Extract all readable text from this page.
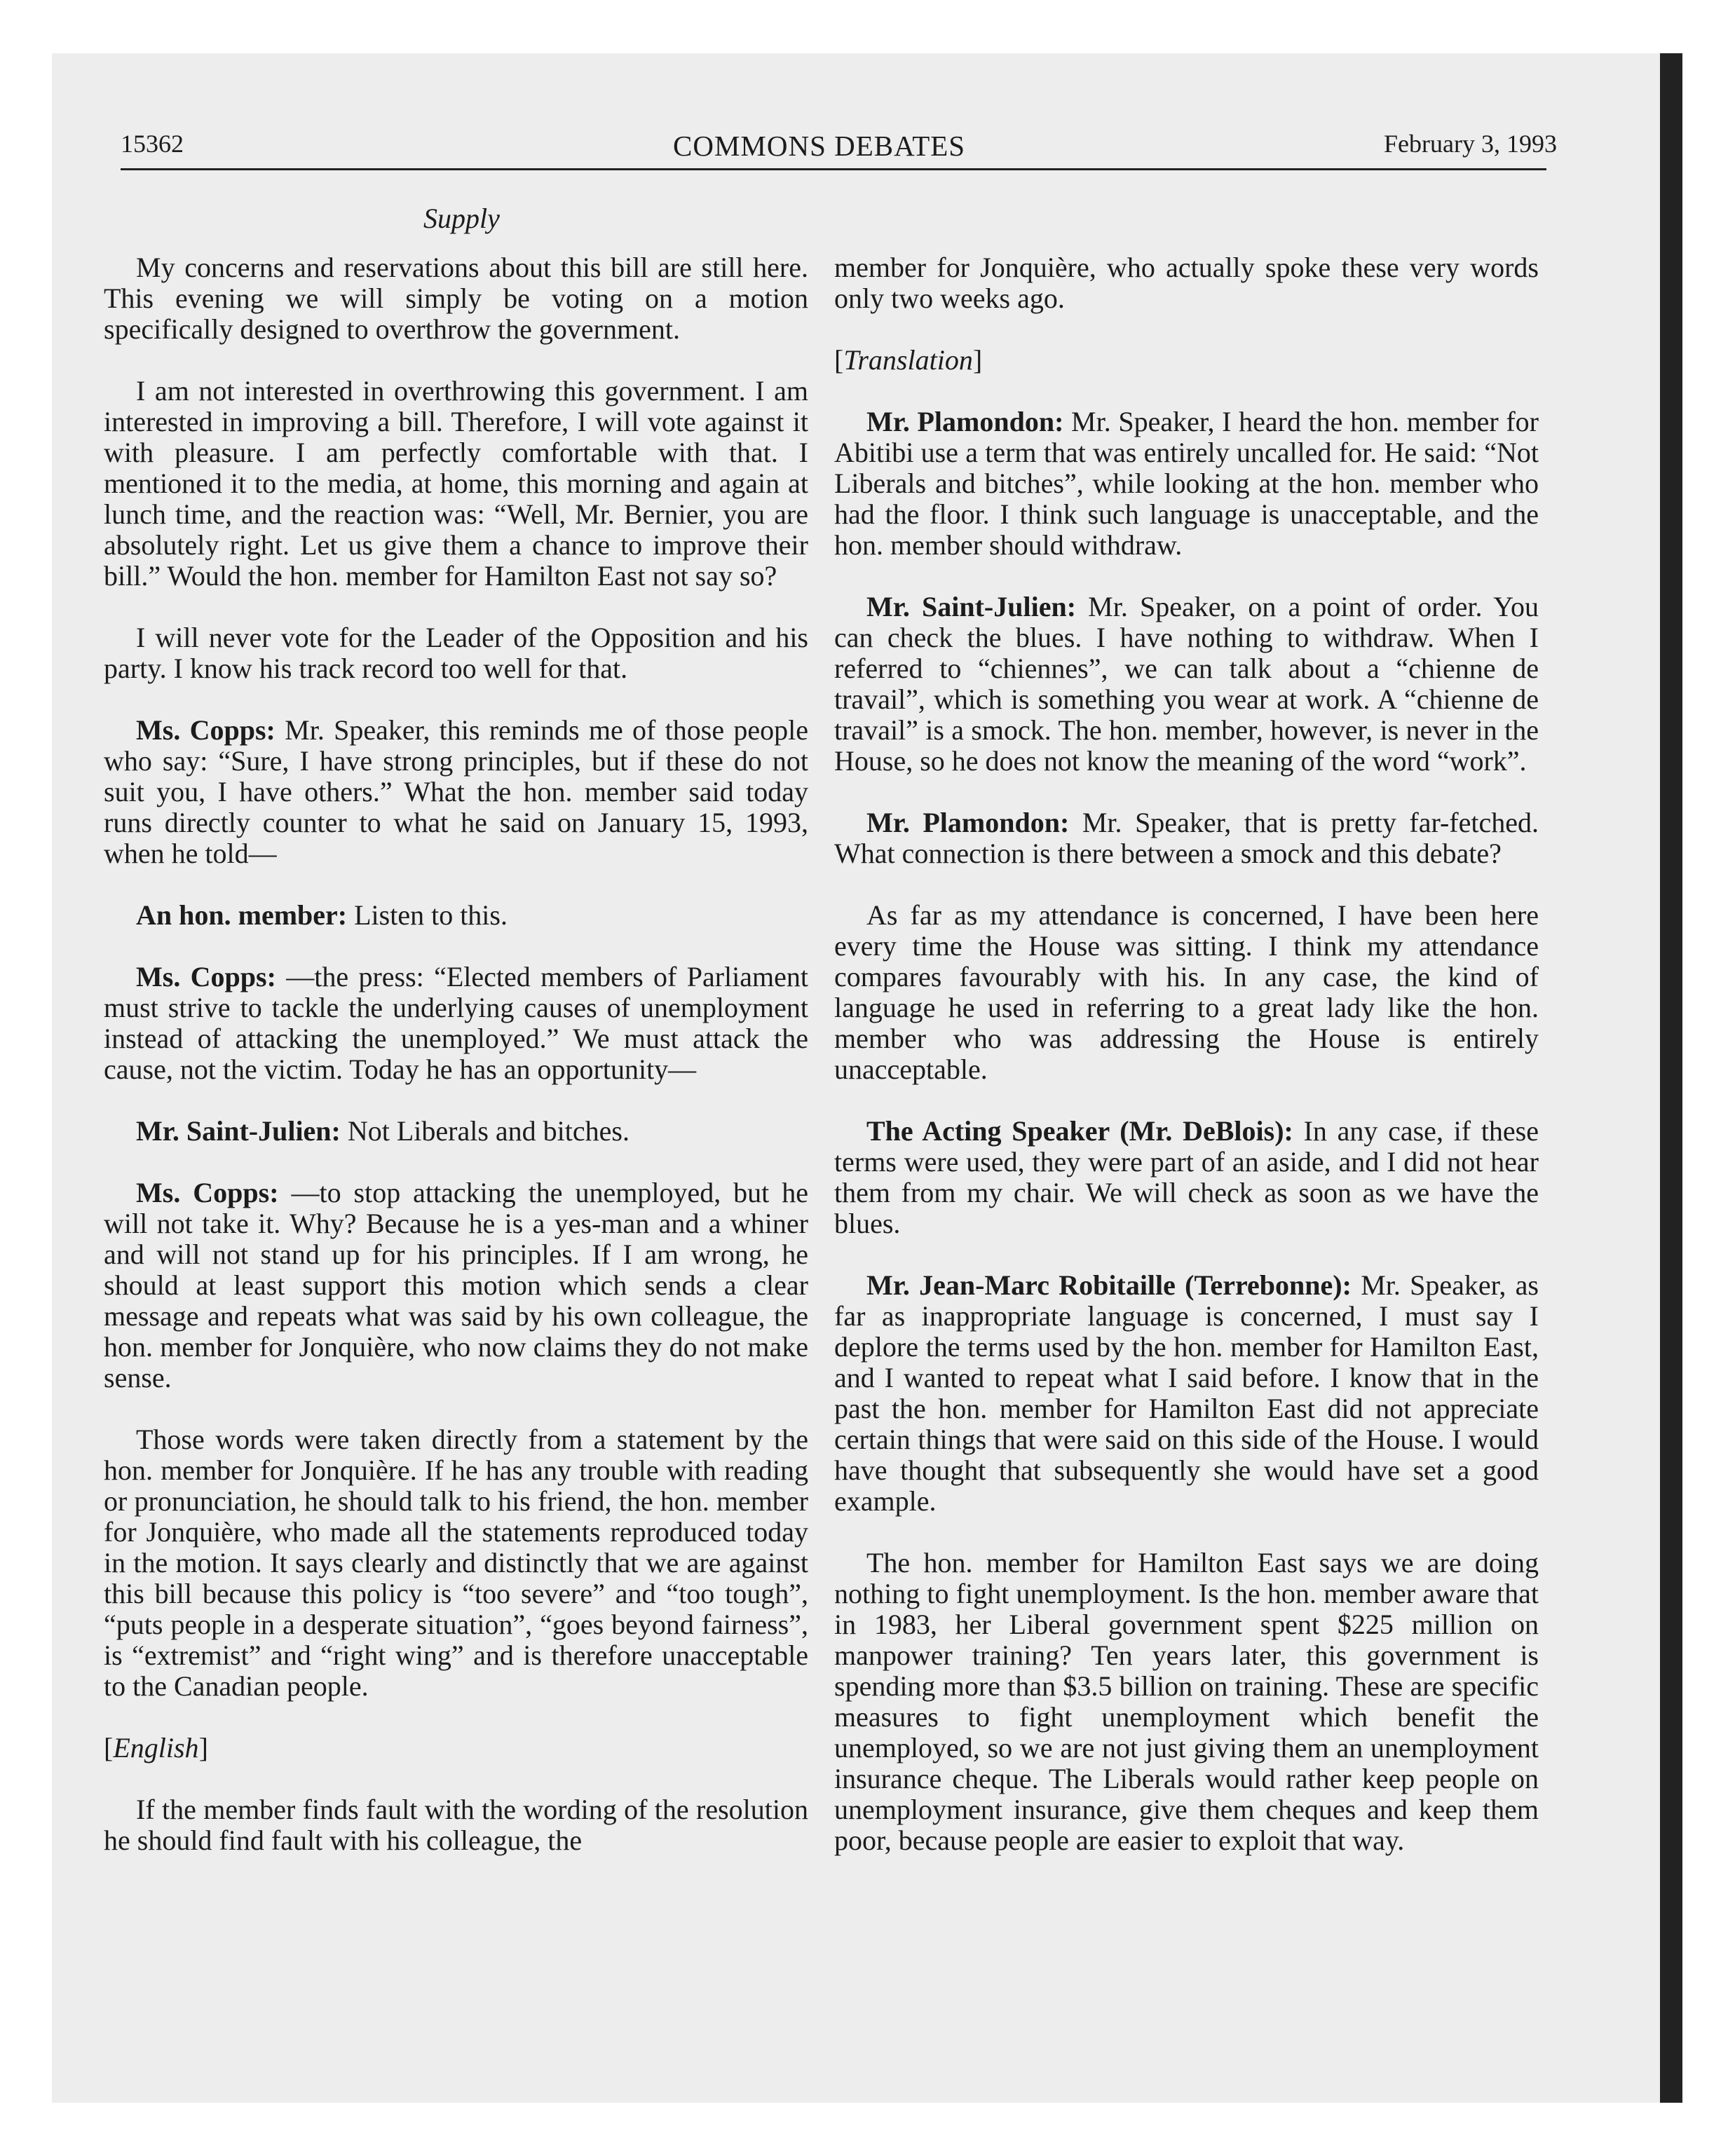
15362	COMMONS DEBATES	February 3, 1993
Supply

My concerns and reservations about this bill are still here. This evening we will simply be voting on a motion specifically designed to overthrow the government.

I am not interested in overthrowing this government. I am interested in improving a bill. Therefore, I will vote against it with pleasure. I am perfectly comfortable with that. I mentioned it to the media, at home, this morning and again at lunch time, and the reaction was: “Well, Mr. Bernier, you are absolutely right. Let us give them a chance to improve their bill.” Would the hon. member for Hamilton East not say so?

I will never vote for the Leader of the Opposition and his party. I know his track record too well for that.

Ms. Copps: Mr. Speaker, this reminds me of those people who say: “Sure, I have strong principles, but if these do not suit you, I have others.” What the hon. member said today runs directly counter to what he said on January 15, 1993, when he told—

An hon. member: Listen to this.

Ms. Copps: —the press: “Elected members of Parliament must strive to tackle the underlying causes of unemployment instead of attacking the unemployed.” We must attack the cause, not the victim. Today he has an opportunity—

Mr. Saint-Julien: Not Liberals and bitches.

Ms. Copps: —to stop attacking the unemployed, but he will not take it. Why? Because he is a yes-man and a whiner and will not stand up for his principles. If I am wrong, he should at least support this motion which sends a clear message and repeats what was said by his own colleague, the hon. member for Jonquière, who now claims they do not make sense.

Those words were taken directly from a statement by the hon. member for Jonquière. If he has any trouble with reading or pronunciation, he should talk to his friend, the hon. member for Jonquière, who made all the statements reproduced today in the motion. It says clearly and distinctly that we are against this bill because this policy is “too severe” and “too tough”, “puts people in a desperate situation”, “goes beyond fairness”, is “extremist” and “right wing” and is therefore unacceptable to the Canadian people.

[English]

If the member finds fault with the wording of the resolution he should find fault with his colleague, the

member for Jonquière, who actually spoke these very words only two weeks ago.

[Translation]

Mr. Plamondon: Mr. Speaker, I heard the hon. member for Abitibi use a term that was entirely uncalled for. He said: “Not Liberals and bitches”, while looking at the hon. member who had the floor. I think such language is unacceptable, and the hon. member should withdraw.

Mr. Saint-Julien: Mr. Speaker, on a point of order. You can check the blues. I have nothing to withdraw. When I referred to “chiennes”, we can talk about a “chienne de travail”, which is something you wear at work. A “chienne de travail” is a smock. The hon. member, however, is never in the House, so he does not know the meaning of the word “work”.

Mr. Plamondon: Mr. Speaker, that is pretty far-fetched. What connection is there between a smock and this debate?

As far as my attendance is concerned, I have been here every time the House was sitting. I think my attendance compares favourably with his. In any case, the kind of language he used in referring to a great lady like the hon. member who was addressing the House is entirely unacceptable.

The Acting Speaker (Mr. DeBlois): In any case, if these terms were used, they were part of an aside, and I did not hear them from my chair. We will check as soon as we have the blues.

Mr. Jean-Marc Robitaille (Terrebonne): Mr. Speaker, as far as inappropriate language is concerned, I must say I deplore the terms used by the hon. member for Hamilton East, and I wanted to repeat what I said before. I know that in the past the hon. member for Hamilton East did not appreciate certain things that were said on this side of the House. I would have thought that subsequently she would have set a good example.

The hon. member for Hamilton East says we are doing nothing to fight unemployment. Is the hon. member aware that in 1983, her Liberal government spent $225 million on manpower training? Ten years later, this government is spending more than $3.5 billion on training. These are specific measures to fight unemployment which benefit the unemployed, so we are not just giving them an unemployment insurance cheque. The Liberals would rather keep people on unemployment insurance, give them cheques and keep them poor, because people are easier to exploit that way.
